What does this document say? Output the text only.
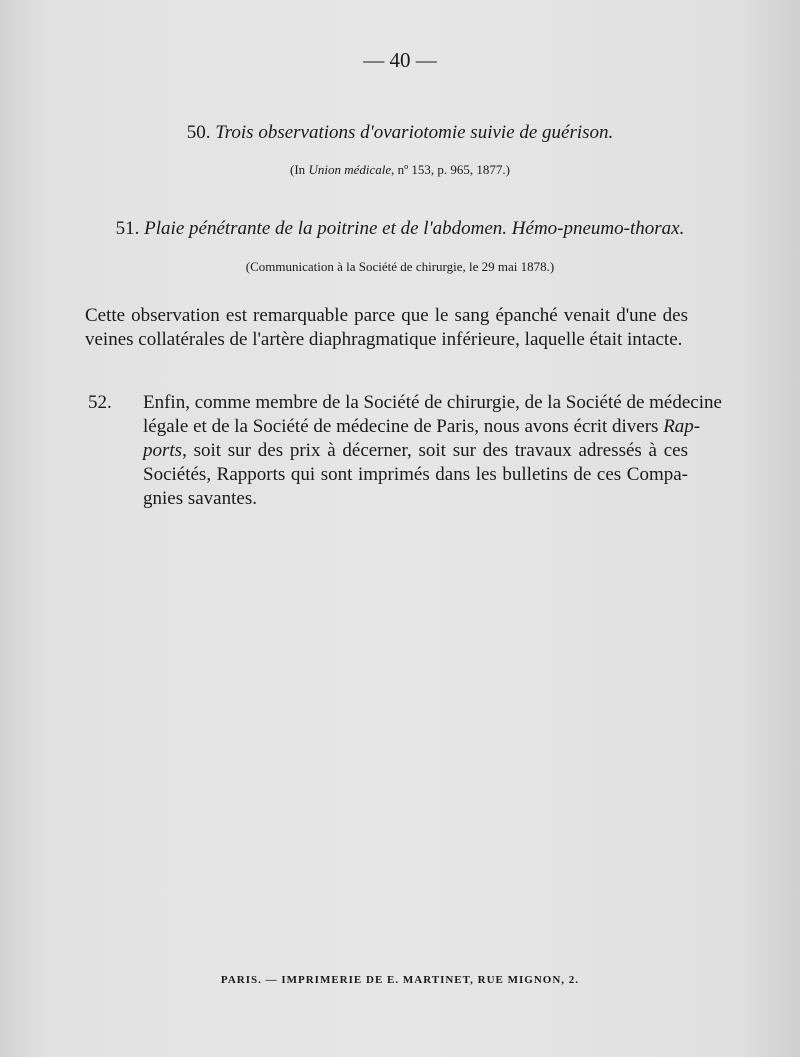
— 40 —
50. Trois observations d'ovariotomie suivie de guérison.
(In Union médicale, nº 153, p. 965, 1877.)
51. Plaie pénétrante de la poitrine et de l'abdomen. Hémo-pneumo-thorax.
(Communication à la Société de chirurgie, le 29 mai 1878.)
Cette observation est remarquable parce que le sang épanché venait d'une des
veines collatérales de l'artère diaphragmatique inférieure, laquelle était intacte.
52. Enfin, comme membre de la Société de chirurgie, de la Société de médecine
légale et de la Société de médecine de Paris, nous avons écrit divers Rap-
ports, soit sur des prix à décerner, soit sur des travaux adressés à ces
Sociétés, Rapports qui sont imprimés dans les bulletins de ces Compa-
gnies savantes.
PARIS. — IMPRIMERIE DE E. MARTINET, RUE MIGNON, 2.
